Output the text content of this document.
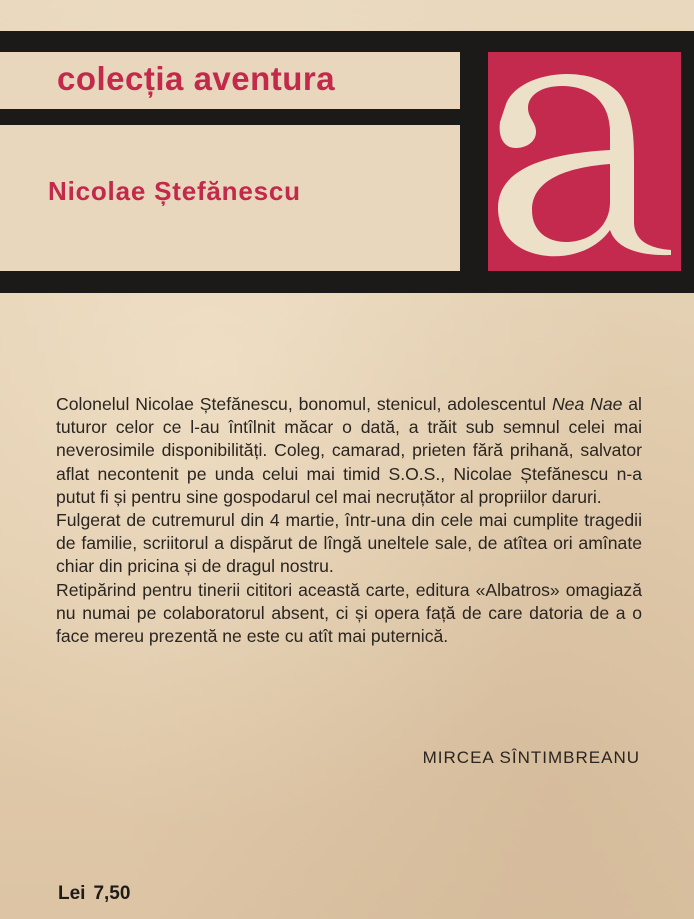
colecția aventura
Nicolae Ștefănescu

Colonelul Nicolae Ștefănescu, bonomul, stenicul, adolescentul Nea Nae al tuturor celor ce l-au întîlnit măcar o dată, a trăit sub semnul celei mai neverosimile disponibilități. Coleg, camarad, prieten fără prihană, salvator aflat necontenit pe unda celui mai timid S.O.S., Nicolae Ștefănescu n-a putut fi și pentru sine gospodarul cel mai necruțător al propriilor daruri.

Fulgerat de cutremurul din 4 martie, într-una din cele mai cumplite tragedii de familie, scriitorul a dispărut de lîngă uneltele sale, de atîtea ori amînate chiar din pricina și de dragul nostru.

Retipărind pentru tinerii cititori această carte, editura «Albatros» omagiază nu numai pe colaboratorul absent, ci și opera față de care datoria de a o face mereu prezentă ne este cu atît mai puternică.

MIRCEA SÎNTIMBREANU
Lei 7,50
